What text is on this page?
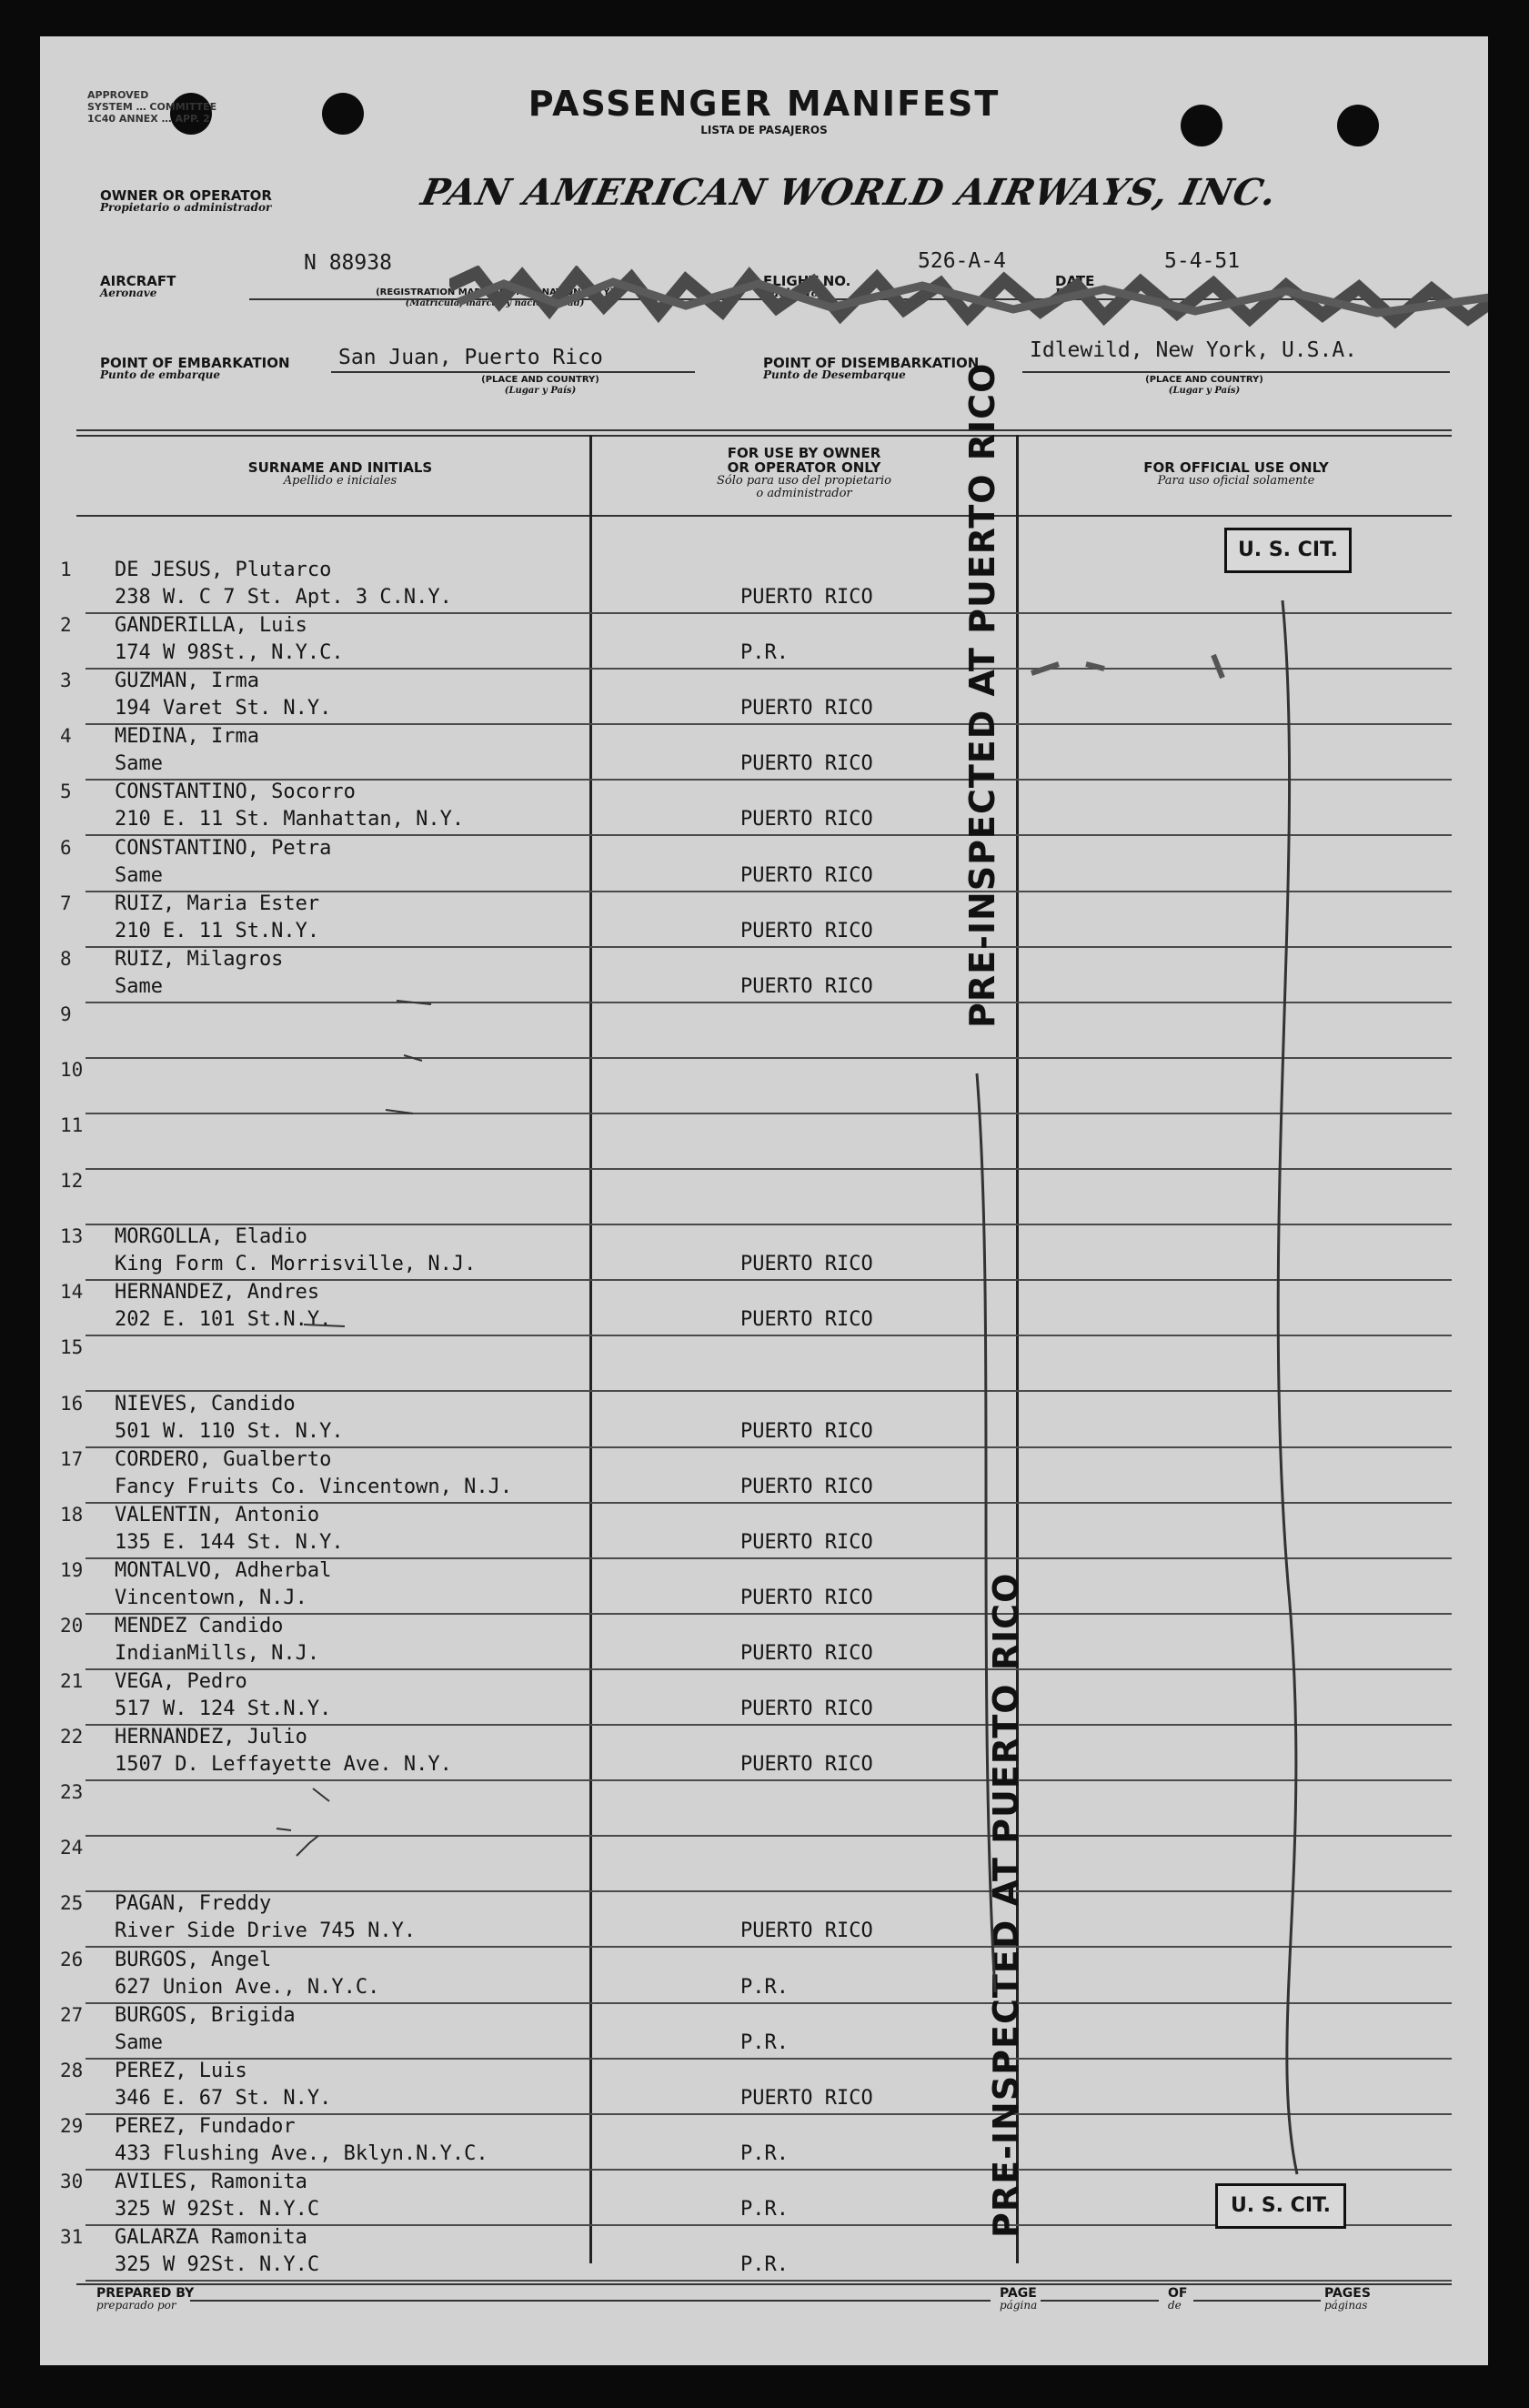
APPROVED
SYSTEM … COMMITTEE
1C40 ANNEX … APP. 2	PASSENGER MANIFEST
LISTA DE PASAJEROS
OWNER OR OPERATOR
Propietario o administrador	PAN AMERICAN WORLD AIRWAYS, INC.
AIRCRAFT
Aeronave
N 88938
(REGISTRATION MARKINGS AND NATIONALITY)
(Matricula, marcas y nacionalidad)
FLIGHT NO.
Vuelo No.
526-A-4
DATE
Fecha
5-4-51
POINT OF EMBARKATION
Punto de embarque
San Juan, Puerto Rico
(PLACE AND COUNTRY)
(Lugar y País)
POINT OF DISEMBARKATION
Punto de Desembarque
Idlewild, New York, U.S.A.
(PLACE AND COUNTRY)
(Lugar y País)
SURNAME AND INITIALS
Apellido e iniciales
FOR USE BY OWNER
OR OPERATOR ONLY
Sólo para uso del propietario
o administrador
FOR OFFICIAL USE ONLY
Para uso oficial solamente
1 DE JESUS, Plutarco
238 W. C 7 St. Apt. 3 C.N.Y.	PUERTO RICO
2 GANDERILLA, Luis
174 W 98St., N.Y.C.	P.R.
3 GUZMAN, Irma
194 Varet St. N.Y.	PUERTO RICO
4 MEDINA, Irma
Same	PUERTO RICO
5 CONSTANTINO, Socorro
210 E. 11 St. Manhattan, N.Y.	PUERTO RICO
6 CONSTANTINO, Petra
Same	PUERTO RICO
7 RUIZ, Maria Ester
210 E. 11 St.N.Y.	PUERTO RICO
8 RUIZ, Milagros
Same	PUERTO RICO
9
10
11
12
13 MORGOLLA, Eladio
King Form C. Morrisville, N.J.	PUERTO RICO
14 HERNANDEZ, Andres
202 E. 101 St.N.Y.	PUERTO RICO
15
16 NIEVES, Candido
501 W. 110 St. N.Y.	PUERTO RICO
17 CORDERO, Gualberto
Fancy Fruits Co. Vincentown, N.J.	PUERTO RICO
18 VALENTIN, Antonio
135 E. 144 St. N.Y.	PUERTO RICO
19 MONTALVO, Adherbal
Vincentown, N.J.	PUERTO RICO
20 MENDEZ Candido
IndianMills, N.J.	PUERTO RICO
21 VEGA, Pedro
517 W. 124 St.N.Y.	PUERTO RICO
22 HERNANDEZ, Julio
1507 D. Leffayette Ave. N.Y.	PUERTO RICO
23
24
25 PAGAN, Freddy
River Side Drive 745 N.Y.	PUERTO RICO
26 BURGOS, Angel
627 Union Ave., N.Y.C.	P.R.
27 BURGOS, Brigida
Same	P.R.
28 PEREZ, Luis
346 E. 67 St. N.Y.	PUERTO RICO
29 PEREZ, Fundador
433 Flushing Ave., Bklyn.N.Y.C.	P.R.
30 AVILES, Ramonita
325 W 92St. N.Y.C	P.R.
31 GALARZA Ramonita
325 W 92St. N.Y.C	P.R.
U. S. CIT.
U. S. CIT.
PRE-INSPECTED AT PUERTO RICO
PRE-INSPECTED AT PUERTO RICO
PREPARED BY
preparado por
PAGE
página
OF
de
PAGES
páginas
